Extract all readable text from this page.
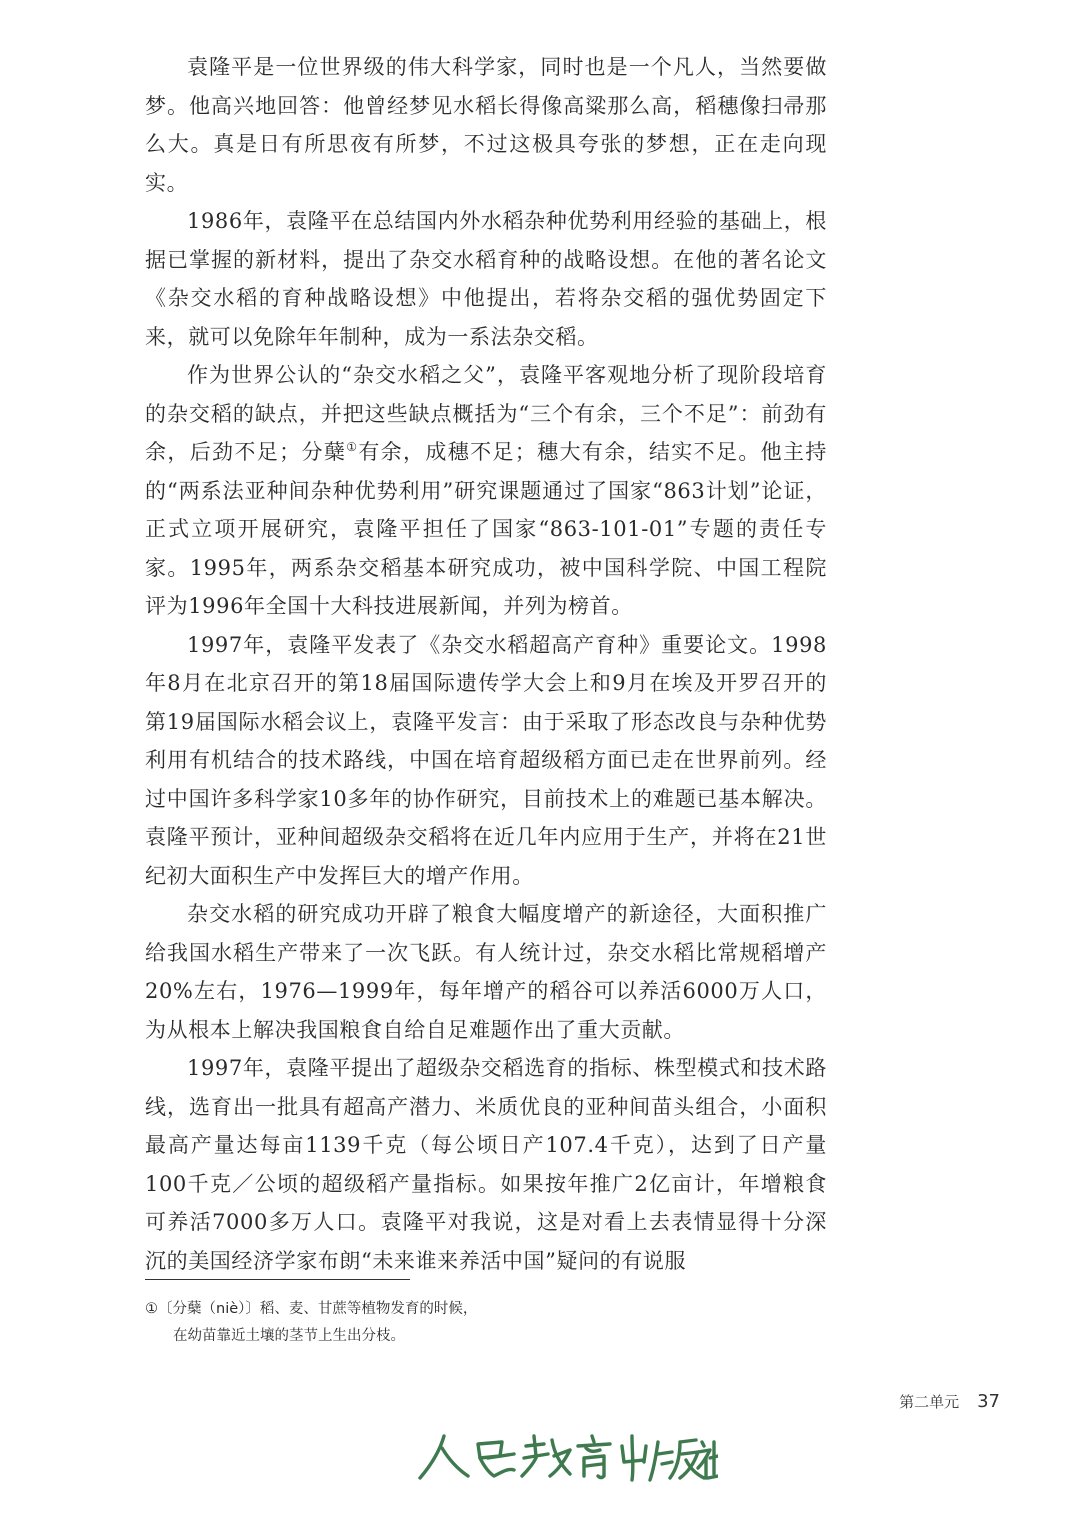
袁隆平是一位世界级的伟大科学家，同时也是一个凡人，当然要做梦。他高兴地回答：他曾经梦见水稻长得像高粱那么高，稻穗像扫帚那么大。真是日有所思夜有所梦，不过这极具夸张的梦想，正在走向现实。

1986年，袁隆平在总结国内外水稻杂种优势利用经验的基础上，根据已掌握的新材料，提出了杂交水稻育种的战略设想。在他的著名论文《杂交水稻的育种战略设想》中他提出，若将杂交稻的强优势固定下来，就可以免除年年制种，成为一系法杂交稻。

作为世界公认的“杂交水稻之父”，袁隆平客观地分析了现阶段培育的杂交稻的缺点，并把这些缺点概括为“三个有余，三个不足”：前劲有余，后劲不足；分蘖①有余，成穗不足；穗大有余，结实不足。他主持的“两系法亚种间杂种优势利用”研究课题通过了国家“863计划”论证，正式立项开展研究，袁隆平担任了国家“863-101-01”专题的责任专家。1995年，两系杂交稻基本研究成功，被中国科学院、中国工程院评为1996年全国十大科技进展新闻，并列为榜首。

1997年，袁隆平发表了《杂交水稻超高产育种》重要论文。1998年8月在北京召开的第18届国际遗传学大会上和9月在埃及开罗召开的第19届国际水稻会议上，袁隆平发言：由于采取了形态改良与杂种优势利用有机结合的技术路线，中国在培育超级稻方面已走在世界前列。经过中国许多科学家10多年的协作研究，目前技术上的难题已基本解决。袁隆平预计，亚种间超级杂交稻将在近几年内应用于生产，并将在21世纪初大面积生产中发挥巨大的增产作用。

杂交水稻的研究成功开辟了粮食大幅度增产的新途径，大面积推广给我国水稻生产带来了一次飞跃。有人统计过，杂交水稻比常规稻增产20%左右，1976—1999年，每年增产的稻谷可以养活6000万人口，为从根本上解决我国粮食自给自足难题作出了重大贡献。

1997年，袁隆平提出了超级杂交稻选育的指标、株型模式和技术路线，选育出一批具有超高产潜力、米质优良的亚种间苗头组合，小面积最高产量达每亩1139千克（每公顷日产107.4千克），达到了日产量100千克／公顷的超级稻产量指标。如果按年推广2亿亩计，年增粮食可养活7000多万人口。袁隆平对我说，这是对看上去表情显得十分深沉的美国经济学家布朗“未来谁来养活中国”疑问的有说服

①〔分蘖（niè）〕稻、麦、甘蔗等植物发育的时候，
在幼苗靠近土壤的茎节上生出分枝。
第二单元 37
